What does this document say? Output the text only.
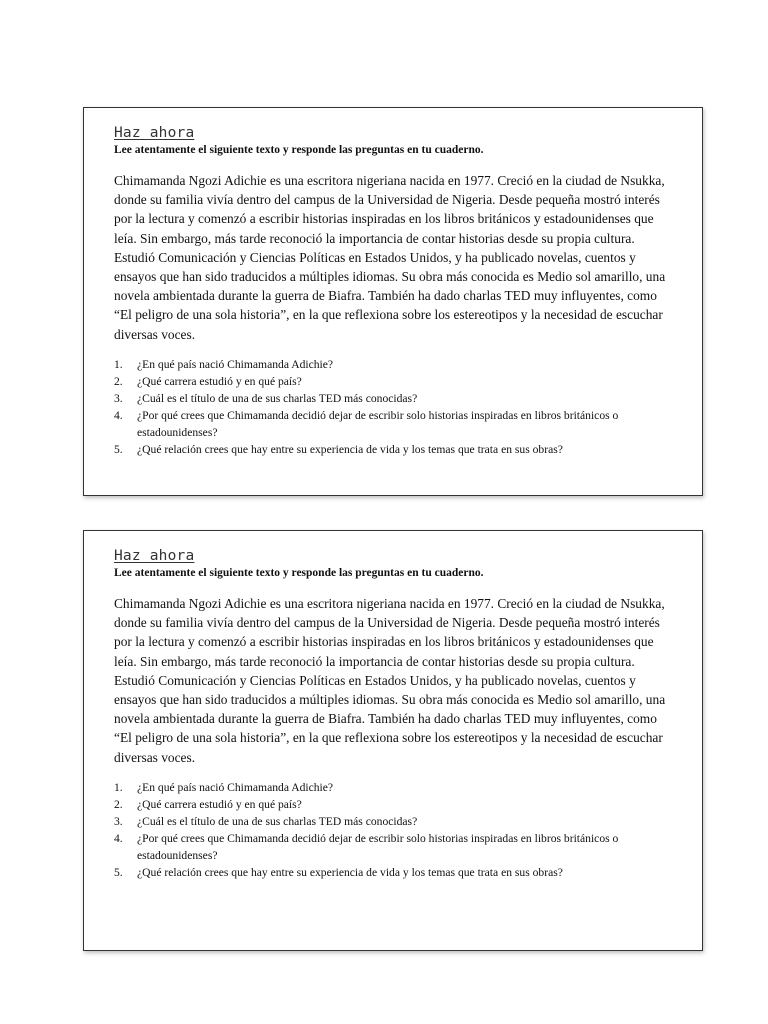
Haz ahora
Lee atentamente el siguiente texto y responde las preguntas en tu cuaderno.

Chimamanda Ngozi Adichie es una escritora nigeriana nacida en 1977. Creció en la ciudad de Nsukka, donde su familia vivía dentro del campus de la Universidad de Nigeria. Desde pequeña mostró interés por la lectura y comenzó a escribir historias inspiradas en los libros británicos y estadounidenses que leía. Sin embargo, más tarde reconoció la importancia de contar historias desde su propia cultura.

Estudió Comunicación y Ciencias Políticas en Estados Unidos, y ha publicado novelas, cuentos y ensayos que han sido traducidos a múltiples idiomas. Su obra más conocida es Medio sol amarillo, una novela ambientada durante la guerra de Biafra. También ha dado charlas TED muy influyentes, como “El peligro de una sola historia”, en la que reflexiona sobre los estereotipos y la necesidad de escuchar diversas voces.

1.	¿En qué país nació Chimamanda Adichie?
2.	¿Qué carrera estudió y en qué país?
3.	¿Cuál es el título de una de sus charlas TED más conocidas?
4.	¿Por qué crees que Chimamanda decidió dejar de escribir solo historias inspiradas en libros británicos o estadounidenses?
5.	¿Qué relación crees que hay entre su experiencia de vida y los temas que trata en sus obras?
Haz ahora
Lee atentamente el siguiente texto y responde las preguntas en tu cuaderno.

Chimamanda Ngozi Adichie es una escritora nigeriana nacida en 1977. Creció en la ciudad de Nsukka, donde su familia vivía dentro del campus de la Universidad de Nigeria. Desde pequeña mostró interés por la lectura y comenzó a escribir historias inspiradas en los libros británicos y estadounidenses que leía. Sin embargo, más tarde reconoció la importancia de contar historias desde su propia cultura.

Estudió Comunicación y Ciencias Políticas en Estados Unidos, y ha publicado novelas, cuentos y ensayos que han sido traducidos a múltiples idiomas. Su obra más conocida es Medio sol amarillo, una novela ambientada durante la guerra de Biafra. También ha dado charlas TED muy influyentes, como “El peligro de una sola historia”, en la que reflexiona sobre los estereotipos y la necesidad de escuchar diversas voces.

1.	¿En qué país nació Chimamanda Adichie?
2.	¿Qué carrera estudió y en qué país?
3.	¿Cuál es el título de una de sus charlas TED más conocidas?
4.	¿Por qué crees que Chimamanda decidió dejar de escribir solo historias inspiradas en libros británicos o estadounidenses?
5.	¿Qué relación crees que hay entre su experiencia de vida y los temas que trata en sus obras?
